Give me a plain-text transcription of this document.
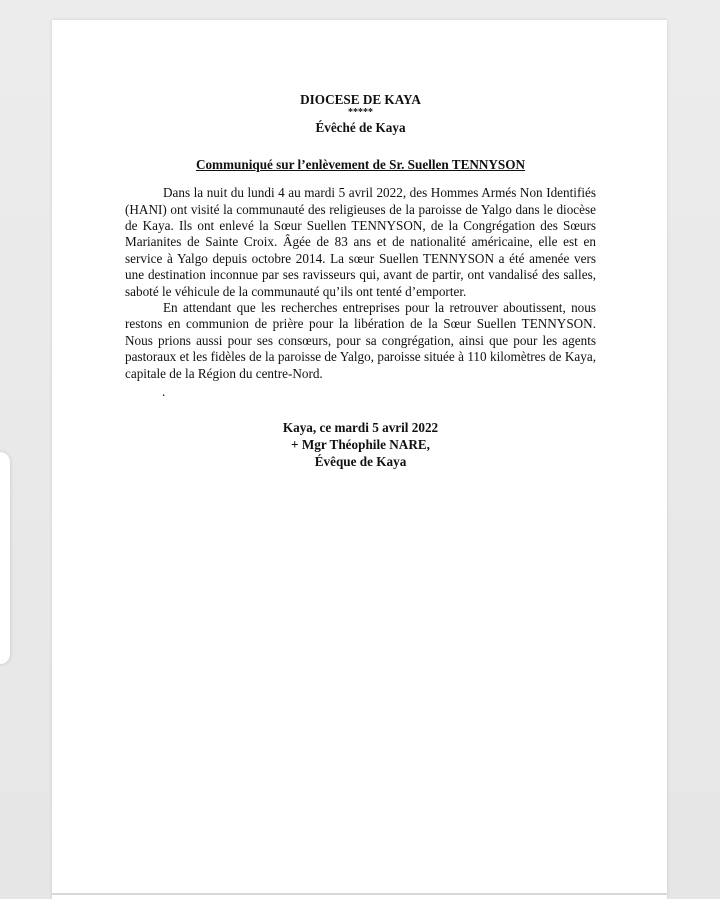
DIOCESE DE KAYA
*****
Évêché de Kaya
Communiqué sur l’enlèvement de Sr. Suellen TENNYSON

Dans la nuit du lundi 4 au mardi 5 avril 2022, des Hommes Armés Non Identifiés (HANI) ont visité la communauté des religieuses de la paroisse de Yalgo dans le diocèse de Kaya. Ils ont enlevé la Sœur Suellen TENNYSON, de la Congrégation des Sœurs Marianites de Sainte Croix. Âgée de 83 ans et de nationalité américaine, elle est en service à Yalgo depuis octobre 2014. La sœur Suellen TENNYSON a été amenée vers une destination inconnue par ses ravisseurs qui, avant de partir, ont vandalisé des salles, saboté le véhicule de la communauté qu’ils ont tenté d’emporter.

En attendant que les recherches entreprises pour la retrouver aboutissent, nous restons en communion de prière pour la libération de la Sœur Suellen TENNYSON. Nous prions aussi pour ses consœurs, pour sa congrégation, ainsi que pour les agents pastoraux et les fidèles de la paroisse de Yalgo, paroisse située à 110 kilomètres de Kaya, capitale de la Région du centre-Nord.

.
Kaya, ce mardi 5 avril 2022
+ Mgr Théophile NARE,
Évêque de Kaya
